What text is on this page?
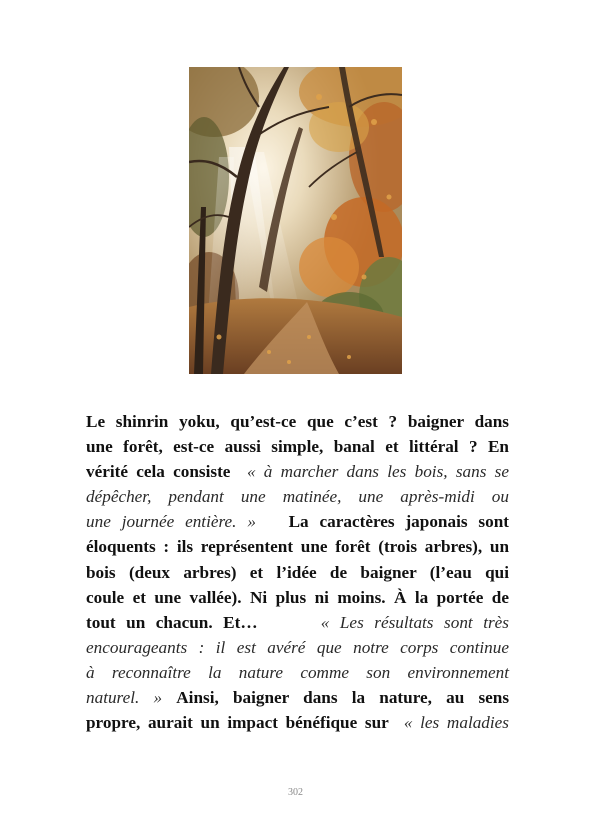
Le shinrin yoku, qu’est-ce que c’est ? baigner dans
une forêt, est-ce aussi simple, banal et littéral ? En
vérité cela consiste  « à marcher dans les bois, sans se
dépêcher, pendant une matinée, une après-midi ou
une journée entière. » La caractères japonais sont
éloquents : ils représentent une forêt (trois arbres), un
bois (deux arbres) et l’idée de baigner (l’eau qui
coule et une vallée). Ni plus ni moins. À la portée de
tout un chacun. Et…	« Les résultats sont très
encourageants : il est avéré que notre corps continue
à reconnaître la nature comme son environnement
naturel. » Ainsi, baigner dans la nature, au sens
propre, aurait un impact bénéfique sur  « les maladies
302
